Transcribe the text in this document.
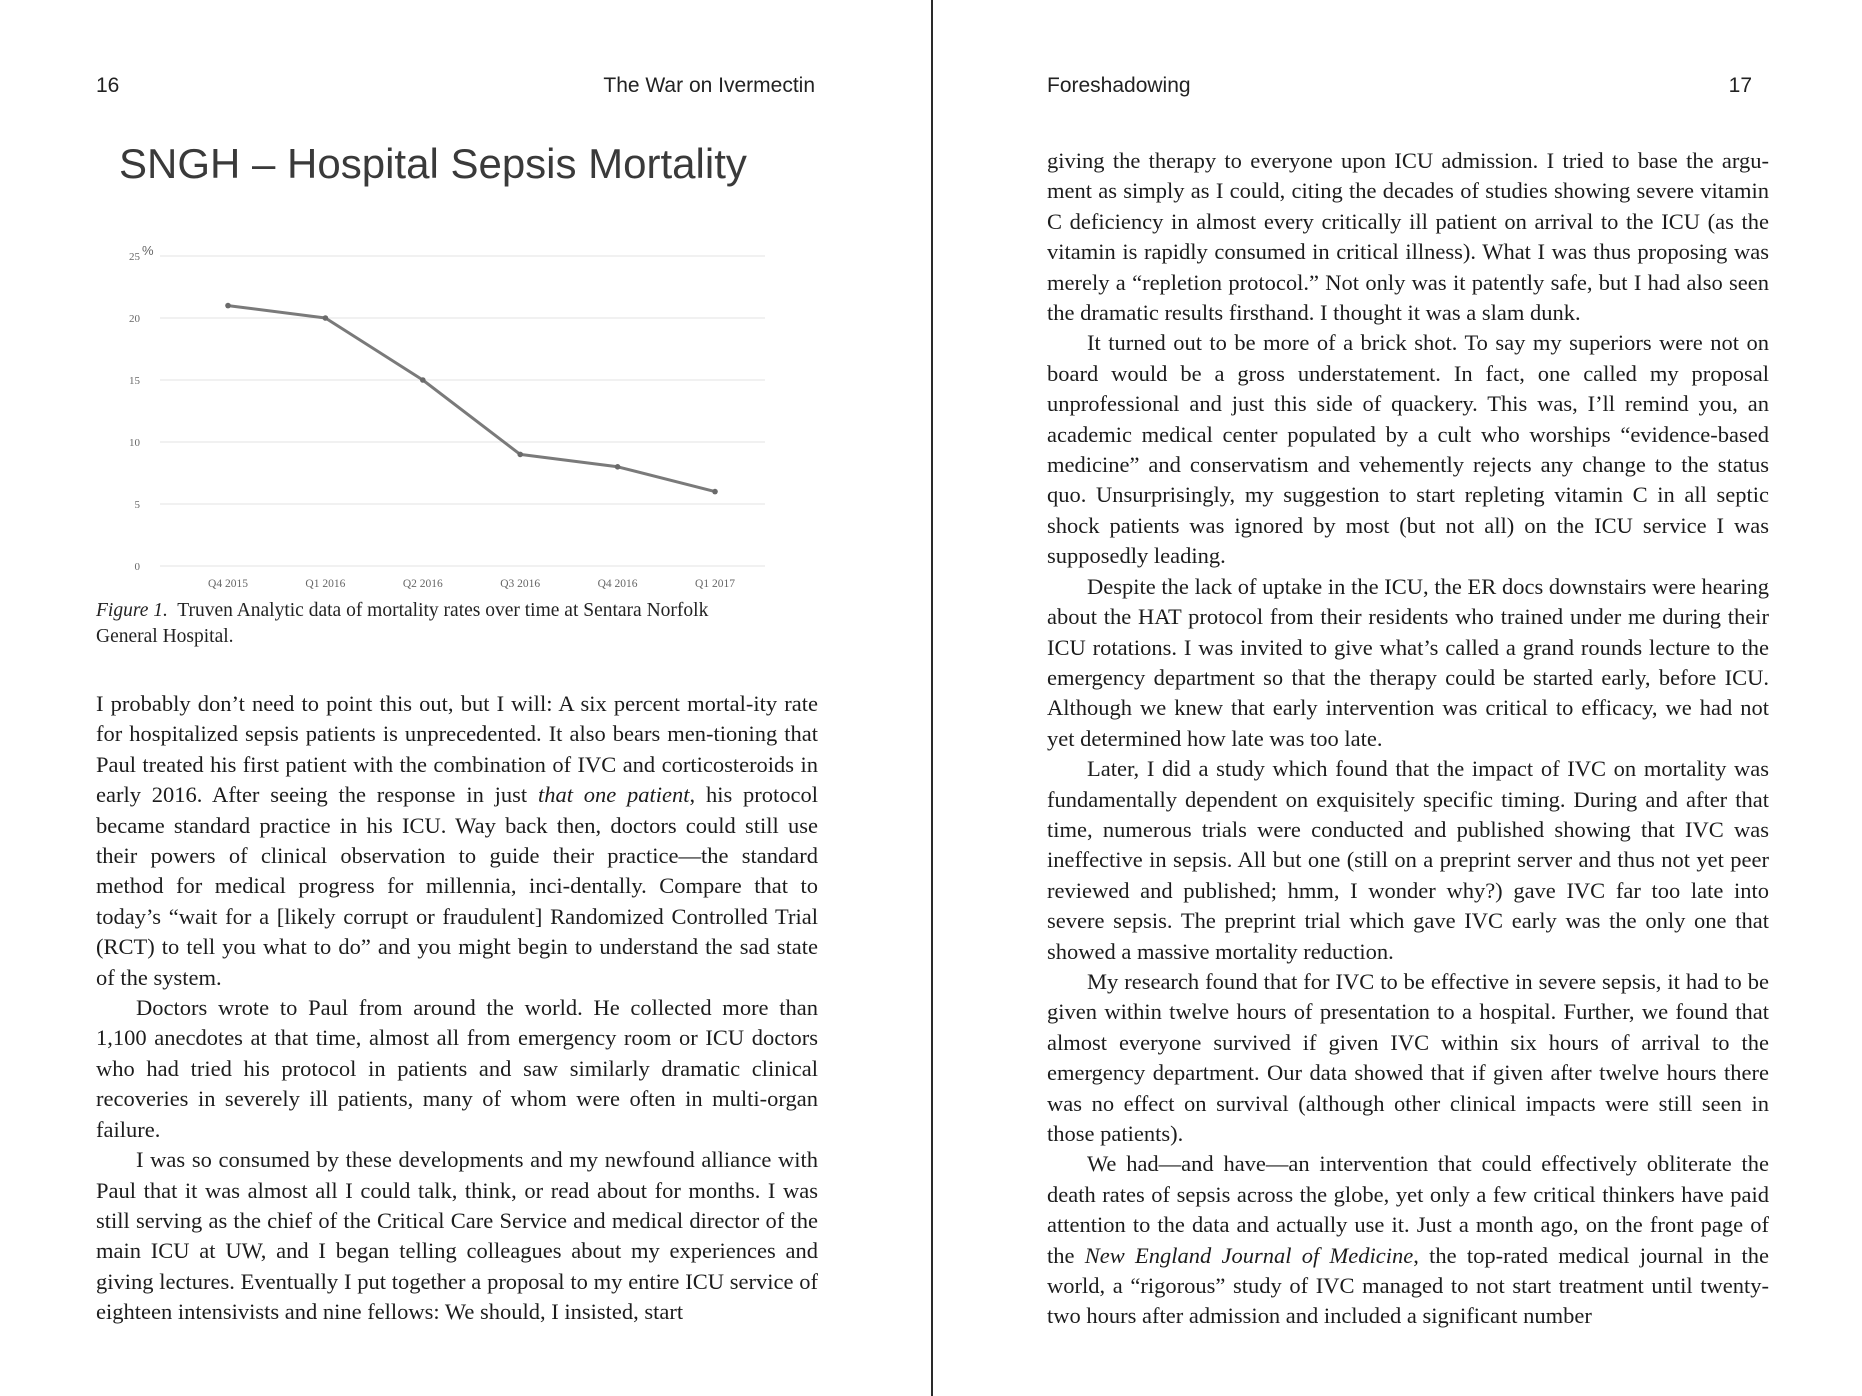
16	The War on Ivermectin
SNGH – Hospital Sepsis Mortality
0
5
10
15
20
25 %
Q4 2015	Q1 2016	Q2 2016	Q3 2016	Q4 2016	Q1 2017
Figure 1. Truven Analytic data of mortality rates over time at Sentara Norfolk General Hospital.

I probably don’t need to point this out, but I will: A six percent mortal-ity rate for hospitalized sepsis patients is unprecedented. It also bears men-tioning that Paul treated his first patient with the combination of IVC and corticosteroids in early 2016. After seeing the response in just that one patient, his protocol became standard practice in his ICU. Way back then, doctors could still use their powers of clinical observation to guide their practice—the standard method for medical progress for millennia, inci-dentally. Compare that to today’s “wait for a [likely corrupt or fraudulent] Randomized Controlled Trial (RCT) to tell you what to do” and you might begin to understand the sad state of the system.

Doctors wrote to Paul from around the world. He collected more than 1,100 anecdotes at that time, almost all from emergency room or ICU doctors who had tried his protocol in patients and saw similarly dramatic clinical recoveries in severely ill patients, many of whom were often in multi-organ failure.

I was so consumed by these developments and my newfound alliance with Paul that it was almost all I could talk, think, or read about for months. I was still serving as the chief of the Critical Care Service and medical director of the main ICU at UW, and I began telling colleagues about my experiences and giving lectures. Eventually I put together a proposal to my entire ICU service of eighteen intensivists and nine fellows: We should, I insisted, start

Foreshadowing	17

giving the therapy to everyone upon ICU admission. I tried to base the argu-ment as simply as I could, citing the decades of studies showing severe vitamin C deficiency in almost every critically ill patient on arrival to the ICU (as the vitamin is rapidly consumed in critical illness). What I was thus proposing was merely a “repletion protocol.” Not only was it patently safe, but I had also seen the dramatic results firsthand. I thought it was a slam dunk.

It turned out to be more of a brick shot. To say my superiors were not on board would be a gross understatement. In fact, one called my proposal unprofessional and just this side of quackery. This was, I’ll remind you, an academic medical center populated by a cult who worships “evidence-based medicine” and conservatism and vehemently rejects any change to the status quo. Unsurprisingly, my suggestion to start repleting vitamin C in all septic shock patients was ignored by most (but not all) on the ICU service I was supposedly leading.

Despite the lack of uptake in the ICU, the ER docs downstairs were hearing about the HAT protocol from their residents who trained under me during their ICU rotations. I was invited to give what’s called a grand rounds lecture to the emergency department so that the therapy could be started early, before ICU. Although we knew that early intervention was critical to efficacy, we had not yet determined how late was too late.

Later, I did a study which found that the impact of IVC on mortality was fundamentally dependent on exquisitely specific timing. During and after that time, numerous trials were conducted and published showing that IVC was ineffective in sepsis. All but one (still on a preprint server and thus not yet peer reviewed and published; hmm, I wonder why?) gave IVC far too late into severe sepsis. The preprint trial which gave IVC early was the only one that showed a massive mortality reduction.

My research found that for IVC to be effective in severe sepsis, it had to be given within twelve hours of presentation to a hospital. Further, we found that almost everyone survived if given IVC within six hours of arrival to the emergency department. Our data showed that if given after twelve hours there was no effect on survival (although other clinical impacts were still seen in those patients).

We had—and have—an intervention that could effectively obliterate the death rates of sepsis across the globe, yet only a few critical thinkers have paid attention to the data and actually use it. Just a month ago, on the front page of the New England Journal of Medicine, the top-rated medical journal in the world, a “rigorous” study of IVC managed to not start treatment until twenty-two hours after admission and included a significant number
